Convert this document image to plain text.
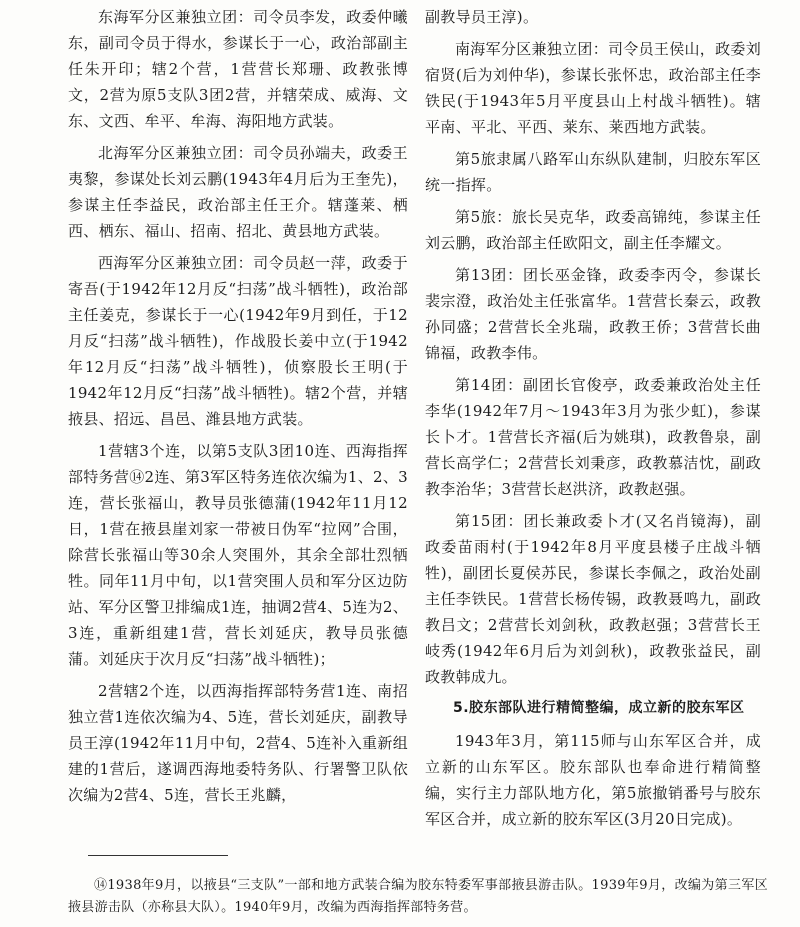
东海军分区兼独立团：司令员李发，政委仲曦东，副司令员于得水，参谋长于一心，政治部副主任朱开印；辖2个营，1营营长郑珊、政教张博文，2营为原5支队3团2营，并辖荣成、威海、文东、文西、牟平、牟海、海阳地方武装。

北海军分区兼独立团：司令员孙端夫，政委王夷黎，参谋处长刘云鹏(1943年4月后为王奎先)，参谋主任李益民，政治部主任王介。辖蓬莱、栖西、栖东、福山、招南、招北、黄县地方武装。

西海军分区兼独立团：司令员赵一萍，政委于寄吾(于1942年12月反“扫荡”战斗牺牲)，政治部主任姜克，参谋长于一心(1942年9月到任，于12月反“扫荡”战斗牺牲)，作战股长姜中立(于1942年12月反“扫荡”战斗牺牲)，侦察股长王明(于1942年12月反“扫荡”战斗牺牲)。辖2个营，并辖掖县、招远、昌邑、潍县地方武装。

1营辖3个连，以第5支队3团10连、西海指挥部特务营⑭2连、第3军区特务连依次编为1、2、3连，营长张福山，教导员张德蒲(1942年11月12日，1营在掖县崖刘家一带被日伪军“拉网”合围，除营长张福山等30余人突围外，其余全部壮烈牺牲。同年11月中旬，以1营突围人员和军分区边防站、军分区警卫排编成1连，抽调2营4、5连为2、3连，重新组建1营，营长刘延庆，教导员张德蒲。刘延庆于次月反“扫荡”战斗牺牲)；

2营辖2个连，以西海指挥部特务营1连、南招独立营1连依次编为4、5连，营长刘延庆，副教导员王淳(1942年11月中旬，2营4、5连补入重新组建的1营后，遂调西海地委特务队、行署警卫队依次编为2营4、5连，营长王兆麟，

副教导员王淳)。

南海军分区兼独立团：司令员王侯山，政委刘宿贤(后为刘仲华)，参谋长张怀忠，政治部主任李铁民(于1943年5月平度县山上村战斗牺牲)。辖平南、平北、平西、莱东、莱西地方武装。

第5旅隶属八路军山东纵队建制，归胶东军区统一指挥。

第5旅：旅长吴克华，政委高锦纯，参谋主任刘云鹏，政治部主任欧阳文，副主任李耀文。

第13团：团长巫金锋，政委李丙令，参谋长裴宗澄，政治处主任张富华。1营营长秦云，政教孙同盛；2营营长全兆瑞，政教王侨；3营营长曲锦福，政教李伟。

第14团：副团长官俊亭，政委兼政治处主任李华(1942年7月～1943年3月为张少虹)，参谋长卜才。1营营长齐福(后为姚琪)，政教鲁泉，副营长高学仁；2营营长刘秉彦，政教慕洁忱，副政教李治华；3营营长赵洪济，政教赵强。

第15团：团长兼政委卜才(又名肖镜海)，副政委苗雨村(于1942年8月平度县楼子庄战斗牺牲)，副团长夏侯苏民，参谋长李佩之，政治处副主任李铁民。1营营长杨传锡，政教聂鸣九，副政教吕文；2营营长刘剑秋，政教赵强；3营营长王岐秀(1942年6月后为刘剑秋)，政教张益民，副政教韩成九。

5.胶东部队进行精简整编，成立新的胶东军区

1943年3月，第115师与山东军区合并，成立新的山东军区。胶东部队也奉命进行精简整编，实行主力部队地方化，第5旅撤销番号与胶东军区合并，成立新的胶东军区(3月20日完成)。

⑭1938年9月，以掖县“三支队”一部和地方武装合编为胶东特委军事部掖县游击队。1939年9月，改编为第三军区掖县游击队（亦称县大队）。1940年9月，改编为西海指挥部特务营。
